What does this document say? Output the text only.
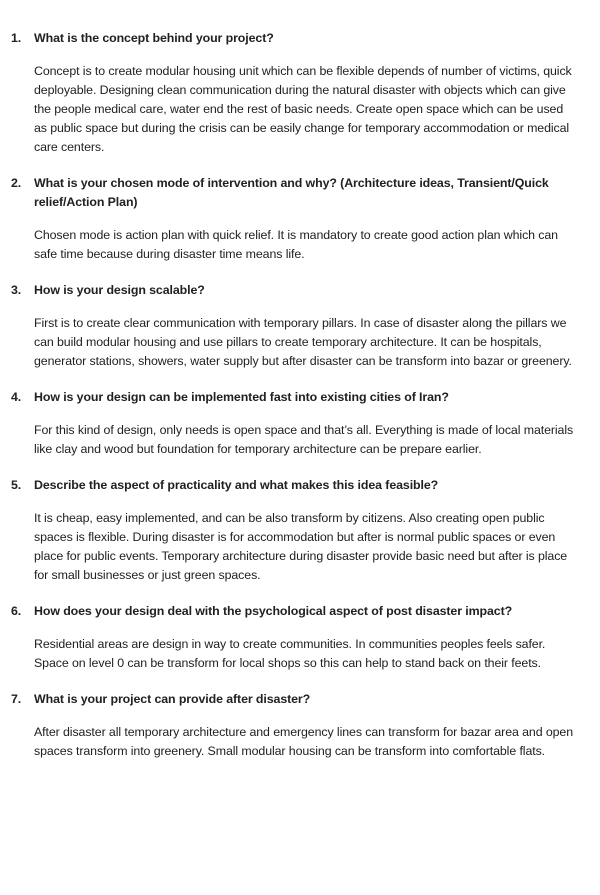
1.	What is the concept behind your project?

Concept is to create modular housing unit which can be flexible depends of number of victims, quick deployable. Designing clean communication during the natural disaster with objects which can give the people medical care, water end the rest of basic needs. Create open space which can be used as public space but during the crisis can be easily change for temporary accommodation or medical care centers.

2.	What is your chosen mode of intervention and why? (Architecture ideas, Transient/Quick relief/Action Plan)

Chosen mode is action plan with quick relief. It is mandatory to create good action plan which can safe time because during disaster time means life.

3.	How is your design scalable?

First is to create clear communication with temporary pillars. In case of disaster along the pillars we can build modular housing and use pillars to create temporary architecture. It can be hospitals, generator stations, showers, water supply but after disaster can be transform into bazar or greenery.

4.	How is your design can be implemented fast into existing cities of Iran?

For this kind of design, only needs is open space and that’s all. Everything is made of local materials like clay and wood but foundation for temporary architecture can be prepare earlier.

5.	Describe the aspect of practicality and what makes this idea feasible?

It is cheap, easy implemented, and can be also transform by citizens. Also creating open public spaces is flexible. During disaster is for accommodation but after is normal public spaces or even place for public events. Temporary architecture during disaster provide basic need but after is place for small businesses or just green spaces.

6.	How does your design deal with the psychological aspect of post disaster impact?

Residential areas are design in way to create communities. In communities peoples feels safer. Space on level 0 can be transform for local shops so this can help to stand back on their feets.

7.	What is your project can provide after disaster?

After disaster all temporary architecture and emergency lines can transform for bazar area and open spaces transform into greenery. Small modular housing can be transform into comfortable flats.
